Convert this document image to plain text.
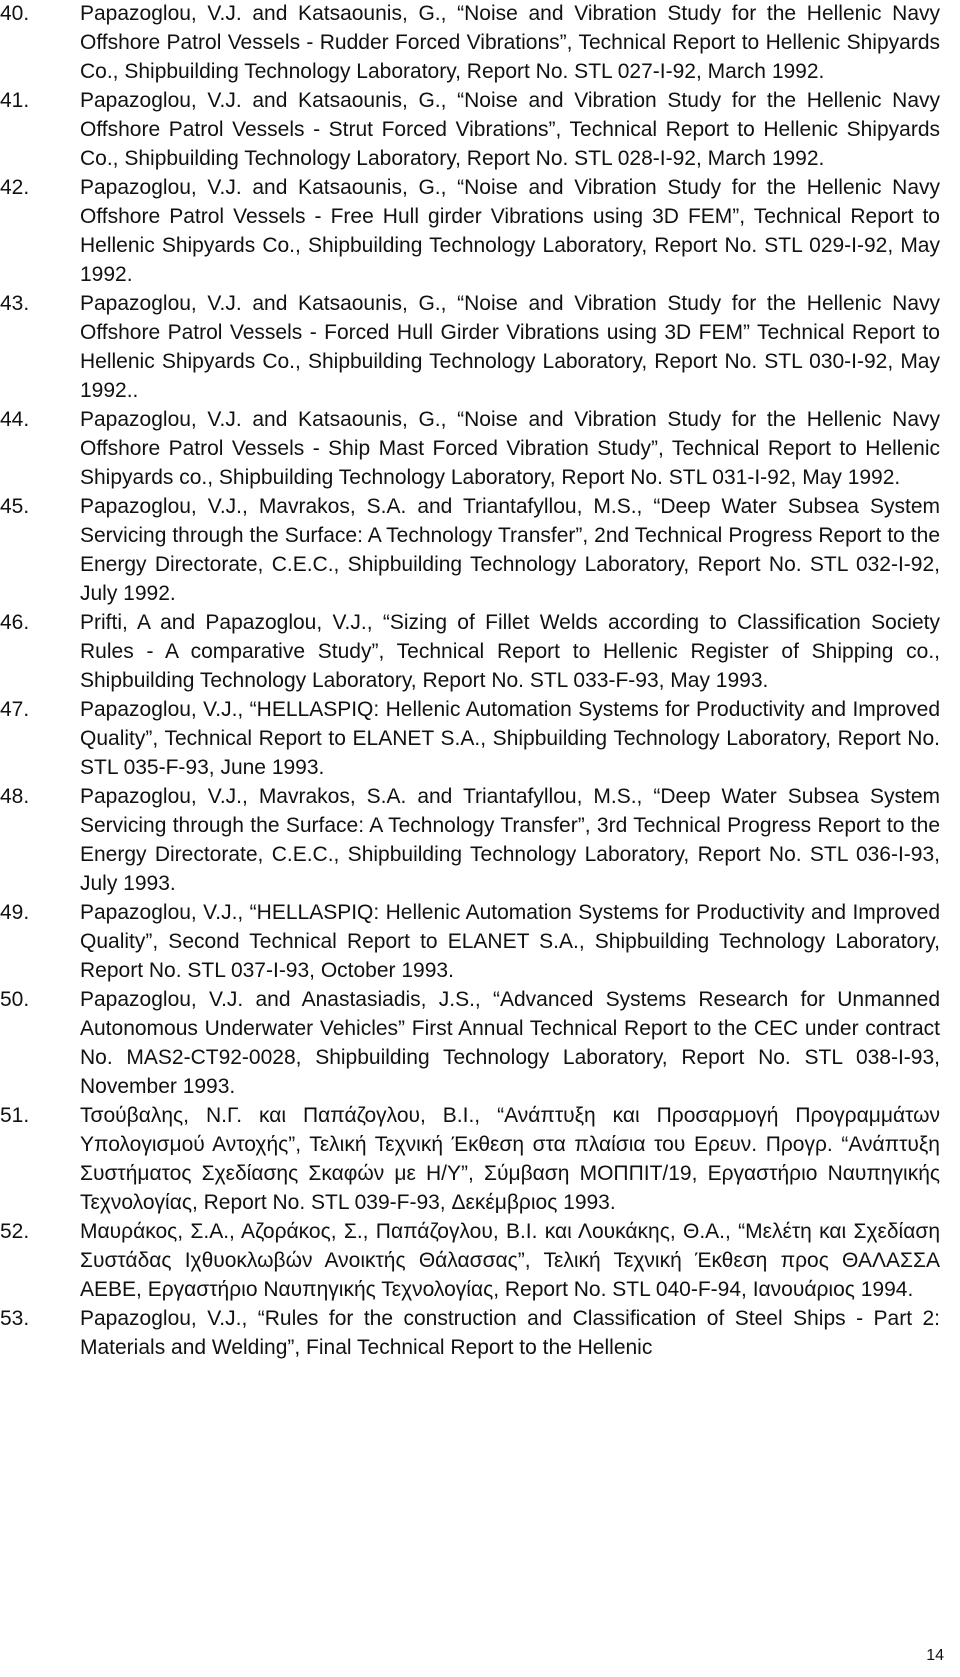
40.	Papazoglou, V.J. and Katsaounis, G., “Noise and Vibration Study for the Hellenic Navy Offshore Patrol Vessels - Rudder Forced Vibrations”, Technical Report to Hellenic Shipyards Co., Shipbuilding Technology Laboratory, Report No. STL 027-I-92, March 1992.
41.	Papazoglou, V.J. and Katsaounis, G., “Noise and Vibration Study for the Hellenic Navy Offshore Patrol Vessels - Strut Forced Vibrations”, Technical Report to Hellenic Shipyards Co., Shipbuilding Technology Laboratory, Report No. STL 028-I-92, March 1992.
42.	Papazoglou, V.J. and Katsaounis, G., “Noise and Vibration Study for the Hellenic Navy Offshore Patrol Vessels - Free Hull girder Vibrations using 3D FEM”, Technical Report to Hellenic Shipyards Co., Shipbuilding Technology Laboratory, Report No. STL 029-I-92, May 1992.
43.	Papazoglou, V.J. and Katsaounis, G., “Noise and Vibration Study for the Hellenic Navy Offshore Patrol Vessels - Forced Hull Girder Vibrations using 3D FEM” Technical Report to Hellenic Shipyards Co., Shipbuilding Technology Laboratory, Report No. STL 030-I-92, May 1992..
44.	Papazoglou, V.J. and Katsaounis, G., “Noise and Vibration Study for the Hellenic Navy Offshore Patrol Vessels - Ship Mast Forced Vibration Study”, Technical Report to Hellenic Shipyards co., Shipbuilding Technology Laboratory, Report No. STL 031-I-92, May 1992.
45.	Papazoglou, V.J., Mavrakos, S.A. and Triantafyllou, M.S., “Deep Water Subsea System Servicing through the Surface: A Technology Transfer”, 2nd Technical Progress Report to the Energy Directorate, C.E.C., Shipbuilding Technology Laboratory, Report No. STL 032-I-92, July 1992.
46.	Prifti, A and Papazoglou, V.J., “Sizing of Fillet Welds according to Classification Society Rules - A comparative Study”, Technical Report to Hellenic Register of Shipping co., Shipbuilding Technology Laboratory, Report No. STL 033-F-93, May 1993.
47.	Papazoglou, V.J., “HELLASPIQ: Hellenic Automation Systems for Productivity and Improved Quality”, Technical Report to ELANET S.A., Shipbuilding Technology Laboratory, Report No. STL 035-F-93, June 1993.
48.	Papazoglou, V.J., Mavrakos, S.A. and Triantafyllou, M.S., “Deep Water Subsea System Servicing through the Surface: A Technology Transfer”, 3rd Technical Progress Report to the Energy Directorate, C.E.C., Shipbuilding Technology Laboratory, Report No. STL 036-I-93, July 1993.
49.	Papazoglou, V.J., “HELLASPIQ: Hellenic Automation Systems for Productivity and Improved Quality”, Second Technical Report to ELANET S.A., Shipbuilding Technology Laboratory, Report No. STL 037-I-93, October 1993.
50.	Papazoglou, V.J. and Anastasiadis, J.S., “Advanced Systems Research for Unmanned Autonomous Underwater Vehicles” First Annual Technical Report to the CEC under contract No. MAS2-CT92-0028, Shipbuilding Technology Laboratory, Report No. STL 038-I-93, November 1993.
51.	Τσούβαλης, Ν.Γ. και Παπάζογλου, Β.Ι., “Ανάπτυξη και Προσαρμογή Προγραμμάτων Υπολογισμού Αντοχής”, Τελική Τεχνική Έκθεση στα πλαίσια του Ερευν. Προγρ. “Ανάπτυξη Συστήματος Σχεδίασης Σκαφών με Η/Υ”, Σύμβαση ΜΟΠΠΙΤ/19, Εργαστήριο Ναυπηγικής Τεχνολογίας, Report No. STL 039-F-93, Δεκέμβριος 1993.
52.	Μαυράκος, Σ.Α., Αζοράκος, Σ., Παπάζογλου, Β.Ι. και Λουκάκης, Θ.Α., “Μελέτη και Σχεδίαση Συστάδας Ιχθυοκλωβών Ανοικτής Θάλασσας”, Τελική Τεχνική Έκθεση προς ΘΑΛΑΣΣΑ ΑΕΒΕ, Εργαστήριο Ναυπηγικής Τεχνολογίας, Report No. STL 040-F-94, Ιανουάριος 1994.
53.	Papazoglou, V.J., “Rules for the construction and Classification of Steel Ships - Part 2: Materials and Welding”, Final Technical Report to the Hellenic
14
